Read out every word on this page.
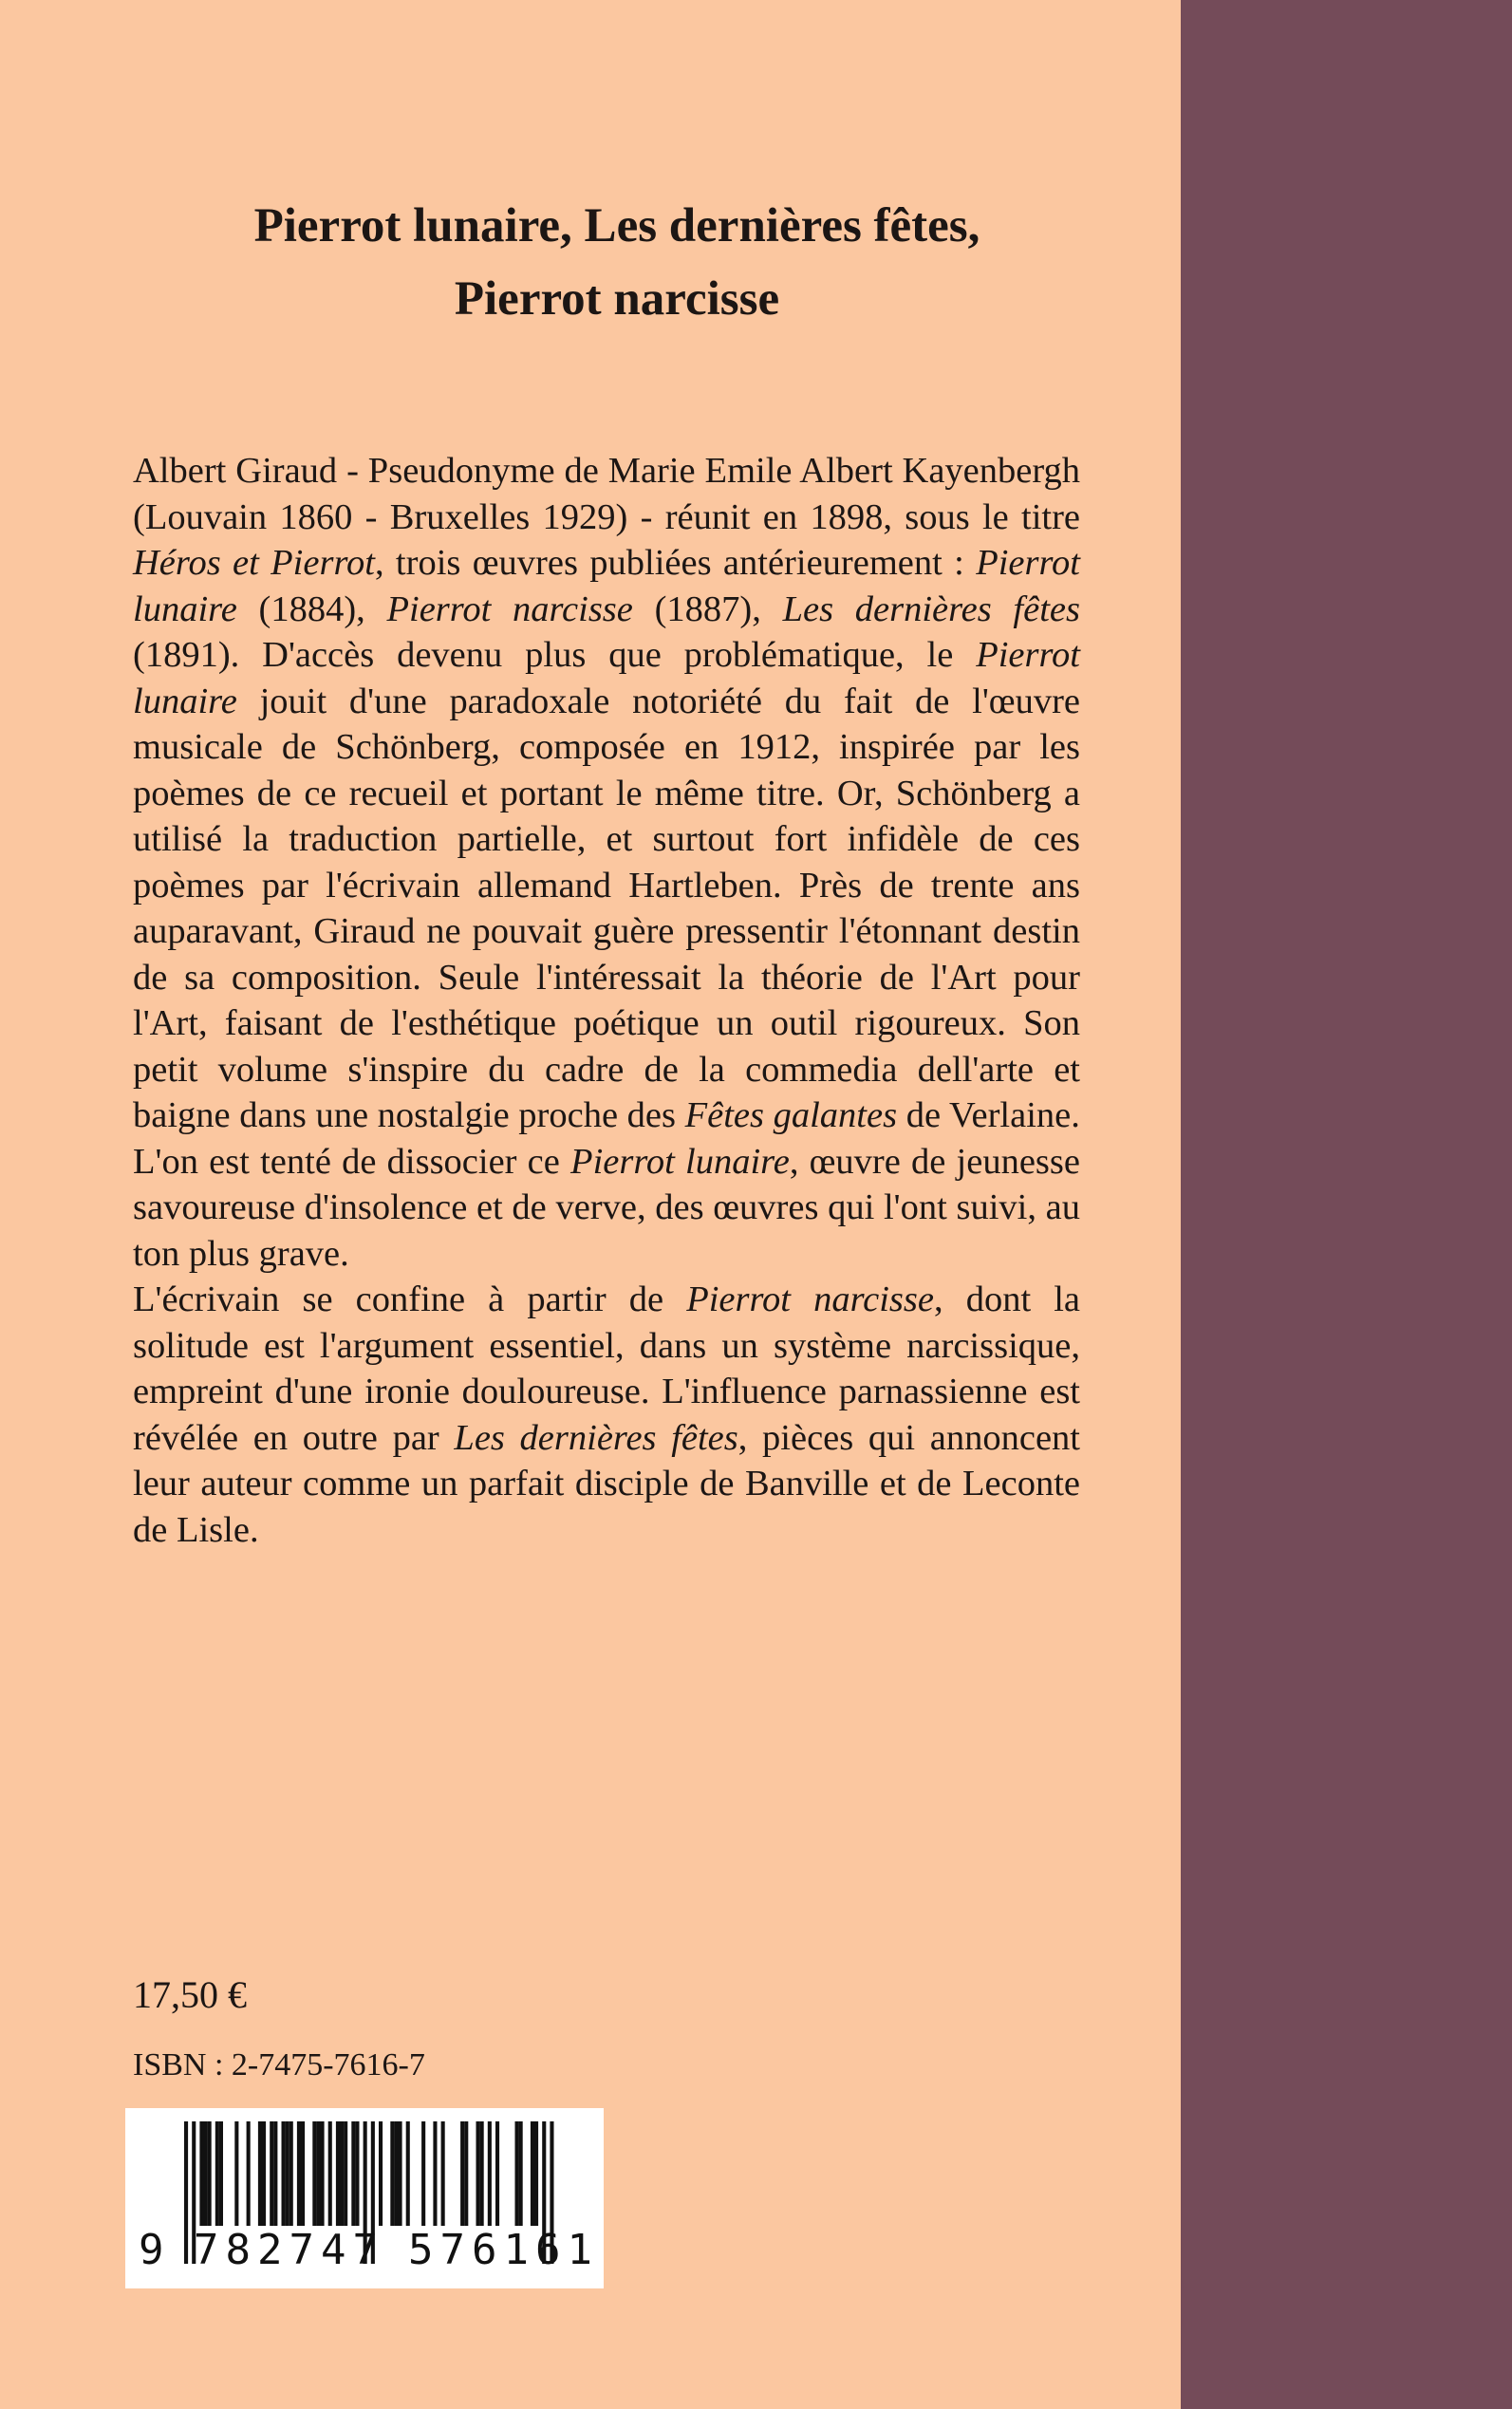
Pierrot lunaire, Les dernières fêtes,
Pierrot narcisse

Albert Giraud - Pseudonyme de Marie Emile Albert Kayenbergh (Louvain 1860 - Bruxelles 1929) - réunit en 1898, sous le titre Héros et Pierrot, trois œuvres publiées antérieurement : Pierrot lunaire (1884), Pierrot narcisse (1887), Les dernières fêtes (1891). D'accès devenu plus que problématique, le Pierrot lunaire jouit d'une paradoxale notoriété du fait de l'œuvre musicale de Schönberg, composée en 1912, inspirée par les poèmes de ce recueil et portant le même titre. Or, Schönberg a utilisé la traduction partielle, et surtout fort infidèle de ces poèmes par l'écrivain allemand Hartleben. Près de trente ans auparavant, Giraud ne pouvait guère pressentir l'étonnant destin de sa composition. Seule l'intéressait la théorie de l'Art pour l'Art, faisant de l'esthétique poétique un outil rigoureux. Son petit volume s'inspire du cadre de la commedia dell'arte et baigne dans une nostalgie proche des Fêtes galantes de Verlaine.

L'on est tenté de dissocier ce Pierrot lunaire, œuvre de jeunesse savoureuse d'insolence et de verve, des œuvres qui l'ont suivi, au ton plus grave.

L'écrivain se confine à partir de Pierrot narcisse, dont la solitude est l'argument essentiel, dans un système narcissique, empreint d'une ironie douloureuse. L'influence parnassienne est révélée en outre par Les dernières fêtes, pièces qui annoncent leur auteur comme un parfait disciple de Banville et de Leconte de Lisle.

17,50 €
ISBN : 2-7475-7616-7
9 782747 576161
